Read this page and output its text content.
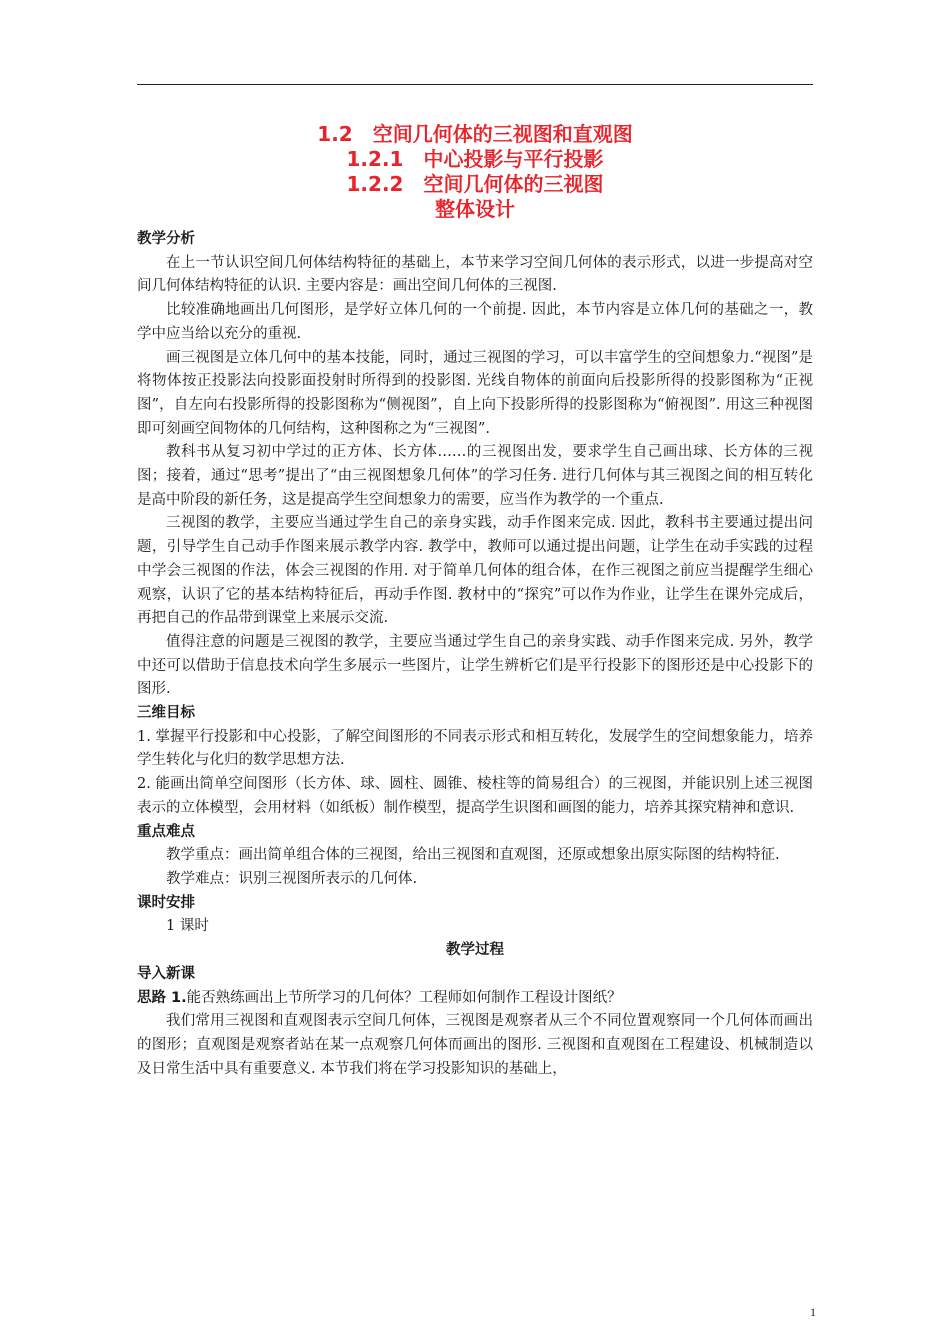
1.2　空间几何体的三视图和直观图
1.2.1　中心投影与平行投影
1.2.2　空间几何体的三视图
整体设计
教学分析

在上一节认识空间几何体结构特征的基础上，本节来学习空间几何体的表示形式，以进一步提高对空间几何体结构特征的认识. 主要内容是：画出空间几何体的三视图.

比较准确地画出几何图形，是学好立体几何的一个前提. 因此，本节内容是立体几何的基础之一，教学中应当给以充分的重视.

画三视图是立体几何中的基本技能，同时，通过三视图的学习，可以丰富学生的空间想象力.“视图”是将物体按正投影法向投影面投射时所得到的投影图. 光线自物体的前面向后投影所得的投影图称为“正视图”，自左向右投影所得的投影图称为“侧视图”，自上向下投影所得的投影图称为“俯视图”. 用这三种视图即可刻画空间物体的几何结构，这种图称之为“三视图”.

教科书从复习初中学过的正方体、长方体……的三视图出发，要求学生自己画出球、长方体的三视图；接着，通过“思考”提出了“由三视图想象几何体”的学习任务. 进行几何体与其三视图之间的相互转化是高中阶段的新任务，这是提高学生空间想象力的需要，应当作为教学的一个重点.

三视图的教学，主要应当通过学生自己的亲身实践，动手作图来完成. 因此，教科书主要通过提出问题，引导学生自己动手作图来展示教学内容. 教学中，教师可以通过提出问题，让学生在动手实践的过程中学会三视图的作法，体会三视图的作用. 对于简单几何体的组合体，在作三视图之前应当提醒学生细心观察，认识了它的基本结构特征后，再动手作图. 教材中的“探究”可以作为作业，让学生在课外完成后，再把自己的作品带到课堂上来展示交流.

值得注意的问题是三视图的教学，主要应当通过学生自己的亲身实践、动手作图来完成. 另外，教学中还可以借助于信息技术向学生多展示一些图片，让学生辨析它们是平行投影下的图形还是中心投影下的图形.

三维目标

1. 掌握平行投影和中心投影，了解空间图形的不同表示形式和相互转化，发展学生的空间想象能力，培养学生转化与化归的数学思想方法.

2. 能画出简单空间图形（长方体、球、圆柱、圆锥、棱柱等的简易组合）的三视图，并能识别上述三视图表示的立体模型，会用材料（如纸板）制作模型，提高学生识图和画图的能力，培养其探究精神和意识.

重点难点

教学重点：画出简单组合体的三视图，给出三视图和直观图，还原或想象出原实际图的结构特征.

教学难点：识别三视图所表示的几何体.

课时安排

1 课时

教学过程
导入新课

思路 1.能否熟练画出上节所学习的几何体？工程师如何制作工程设计图纸？

我们常用三视图和直观图表示空间几何体，三视图是观察者从三个不同位置观察同一个几何体而画出的图形；直观图是观察者站在某一点观察几何体而画出的图形. 三视图和直观图在工程建设、机械制造以及日常生活中具有重要意义. 本节我们将在学习投影知识的基础上，

1
